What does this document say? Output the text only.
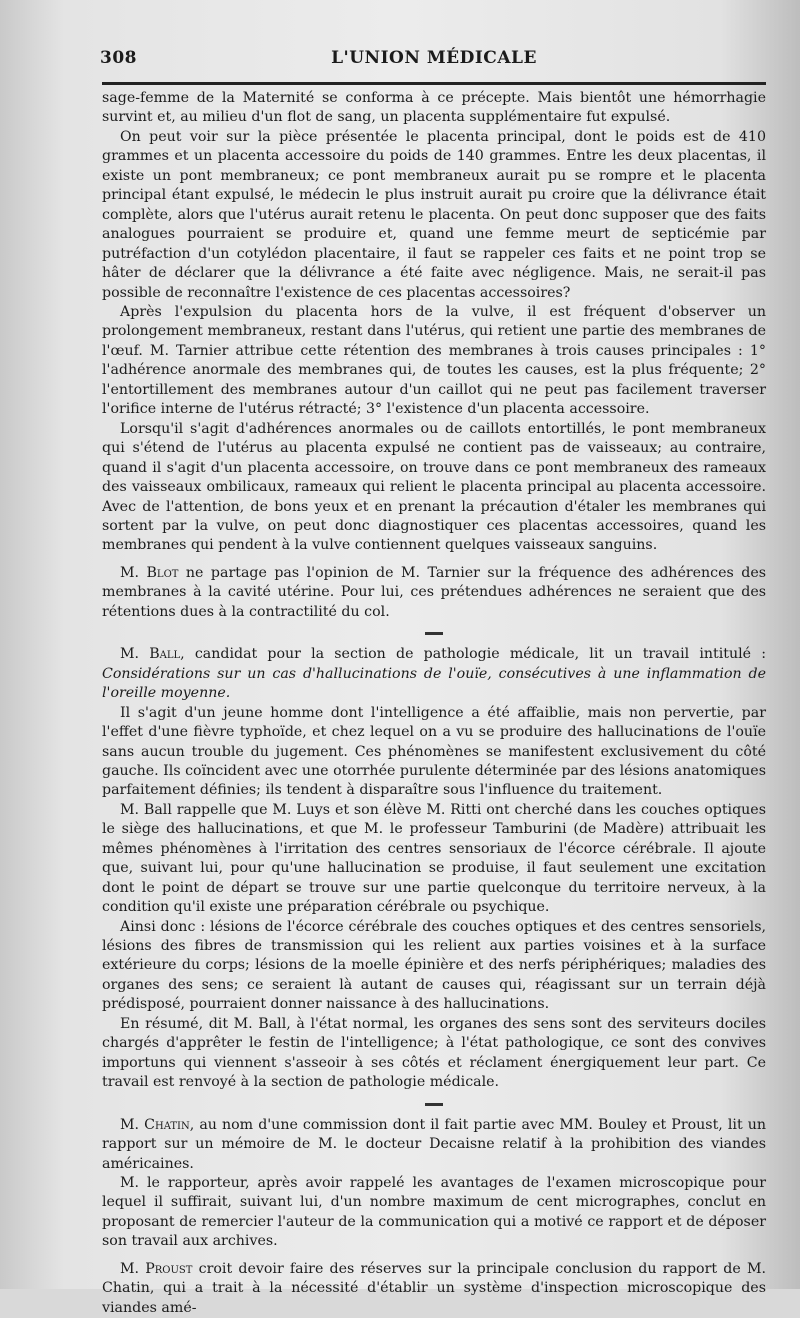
308	L'UNION MÉDICALE

sage-femme de la Maternité se conforma à ce précepte. Mais bientôt une hémorrhagie survint et, au milieu d'un flot de sang, un placenta supplémentaire fut expulsé.

On peut voir sur la pièce présentée le placenta principal, dont le poids est de 410 grammes et un placenta accessoire du poids de 140 grammes. Entre les deux placentas, il existe un pont membraneux; ce pont membraneux aurait pu se rompre et le placenta principal étant expulsé, le médecin le plus instruit aurait pu croire que la délivrance était complète, alors que l'utérus aurait retenu le placenta. On peut donc supposer que des faits analogues pourraient se produire et, quand une femme meurt de septicémie par putréfaction d'un cotylédon placentaire, il faut se rappeler ces faits et ne point trop se hâter de déclarer que la délivrance a été faite avec négligence. Mais, ne serait-il pas possible de reconnaître l'existence de ces placentas accessoires?

Après l'expulsion du placenta hors de la vulve, il est fréquent d'observer un prolongement membraneux, restant dans l'utérus, qui retient une partie des membranes de l'œuf. M. Tarnier attribue cette rétention des membranes à trois causes principales : 1° l'adhérence anormale des membranes qui, de toutes les causes, est la plus fréquente; 2° l'entortillement des membranes autour d'un caillot qui ne peut pas facilement traverser l'orifice interne de l'utérus rétracté; 3° l'existence d'un placenta accessoire.

Lorsqu'il s'agit d'adhérences anormales ou de caillots entortillés, le pont membraneux qui s'étend de l'utérus au placenta expulsé ne contient pas de vaisseaux; au contraire, quand il s'agit d'un placenta accessoire, on trouve dans ce pont membraneux des rameaux des vaisseaux ombilicaux, rameaux qui relient le placenta principal au placenta accessoire. Avec de l'attention, de bons yeux et en prenant la précaution d'étaler les membranes qui sortent par la vulve, on peut donc diagnostiquer ces placentas accessoires, quand les membranes qui pendent à la vulve contiennent quelques vaisseaux sanguins.

M. Blot ne partage pas l'opinion de M. Tarnier sur la fréquence des adhérences des membranes à la cavité utérine. Pour lui, ces prétendues adhérences ne seraient que des rétentions dues à la contractilité du col.

M. Ball, candidat pour la section de pathologie médicale, lit un travail intitulé : Considérations sur un cas d'hallucinations de l'ouïe, consécutives à une inflammation de l'oreille moyenne.

Il s'agit d'un jeune homme dont l'intelligence a été affaiblie, mais non pervertie, par l'effet d'une fièvre typhoïde, et chez lequel on a vu se produire des hallucinations de l'ouïe sans aucun trouble du jugement. Ces phénomènes se manifestent exclusivement du côté gauche. Ils coïncident avec une otorrhée purulente déterminée par des lésions anatomiques parfaitement définies; ils tendent à disparaître sous l'influence du traitement.

M. Ball rappelle que M. Luys et son élève M. Ritti ont cherché dans les couches optiques le siège des hallucinations, et que M. le professeur Tamburini (de Madère) attribuait les mêmes phénomènes à l'irritation des centres sensoriaux de l'écorce cérébrale. Il ajoute que, suivant lui, pour qu'une hallucination se produise, il faut seulement une excitation dont le point de départ se trouve sur une partie quelconque du territoire nerveux, à la condition qu'il existe une préparation cérébrale ou psychique.

Ainsi donc : lésions de l'écorce cérébrale des couches optiques et des centres sensoriels, lésions des fibres de transmission qui les relient aux parties voisines et à la surface extérieure du corps; lésions de la moelle épinière et des nerfs périphériques; maladies des organes des sens; ce seraient là autant de causes qui, réagissant sur un terrain déjà prédisposé, pourraient donner naissance à des hallucinations.

En résumé, dit M. Ball, à l'état normal, les organes des sens sont des serviteurs dociles chargés d'apprêter le festin de l'intelligence; à l'état pathologique, ce sont des convives importuns qui viennent s'asseoir à ses côtés et réclament énergiquement leur part. Ce travail est renvoyé à la section de pathologie médicale.

M. Chatin, au nom d'une commission dont il fait partie avec MM. Bouley et Proust, lit un rapport sur un mémoire de M. le docteur Decaisne relatif à la prohibition des viandes américaines.

M. le rapporteur, après avoir rappelé les avantages de l'examen microscopique pour lequel il suffirait, suivant lui, d'un nombre maximum de cent micrographes, conclut en proposant de remercier l'auteur de la communication qui a motivé ce rapport et de déposer son travail aux archives.

M. Proust croit devoir faire des réserves sur la principale conclusion du rapport de M. Chatin, qui a trait à la nécessité d'établir un système d'inspection microscopique des viandes amé-
